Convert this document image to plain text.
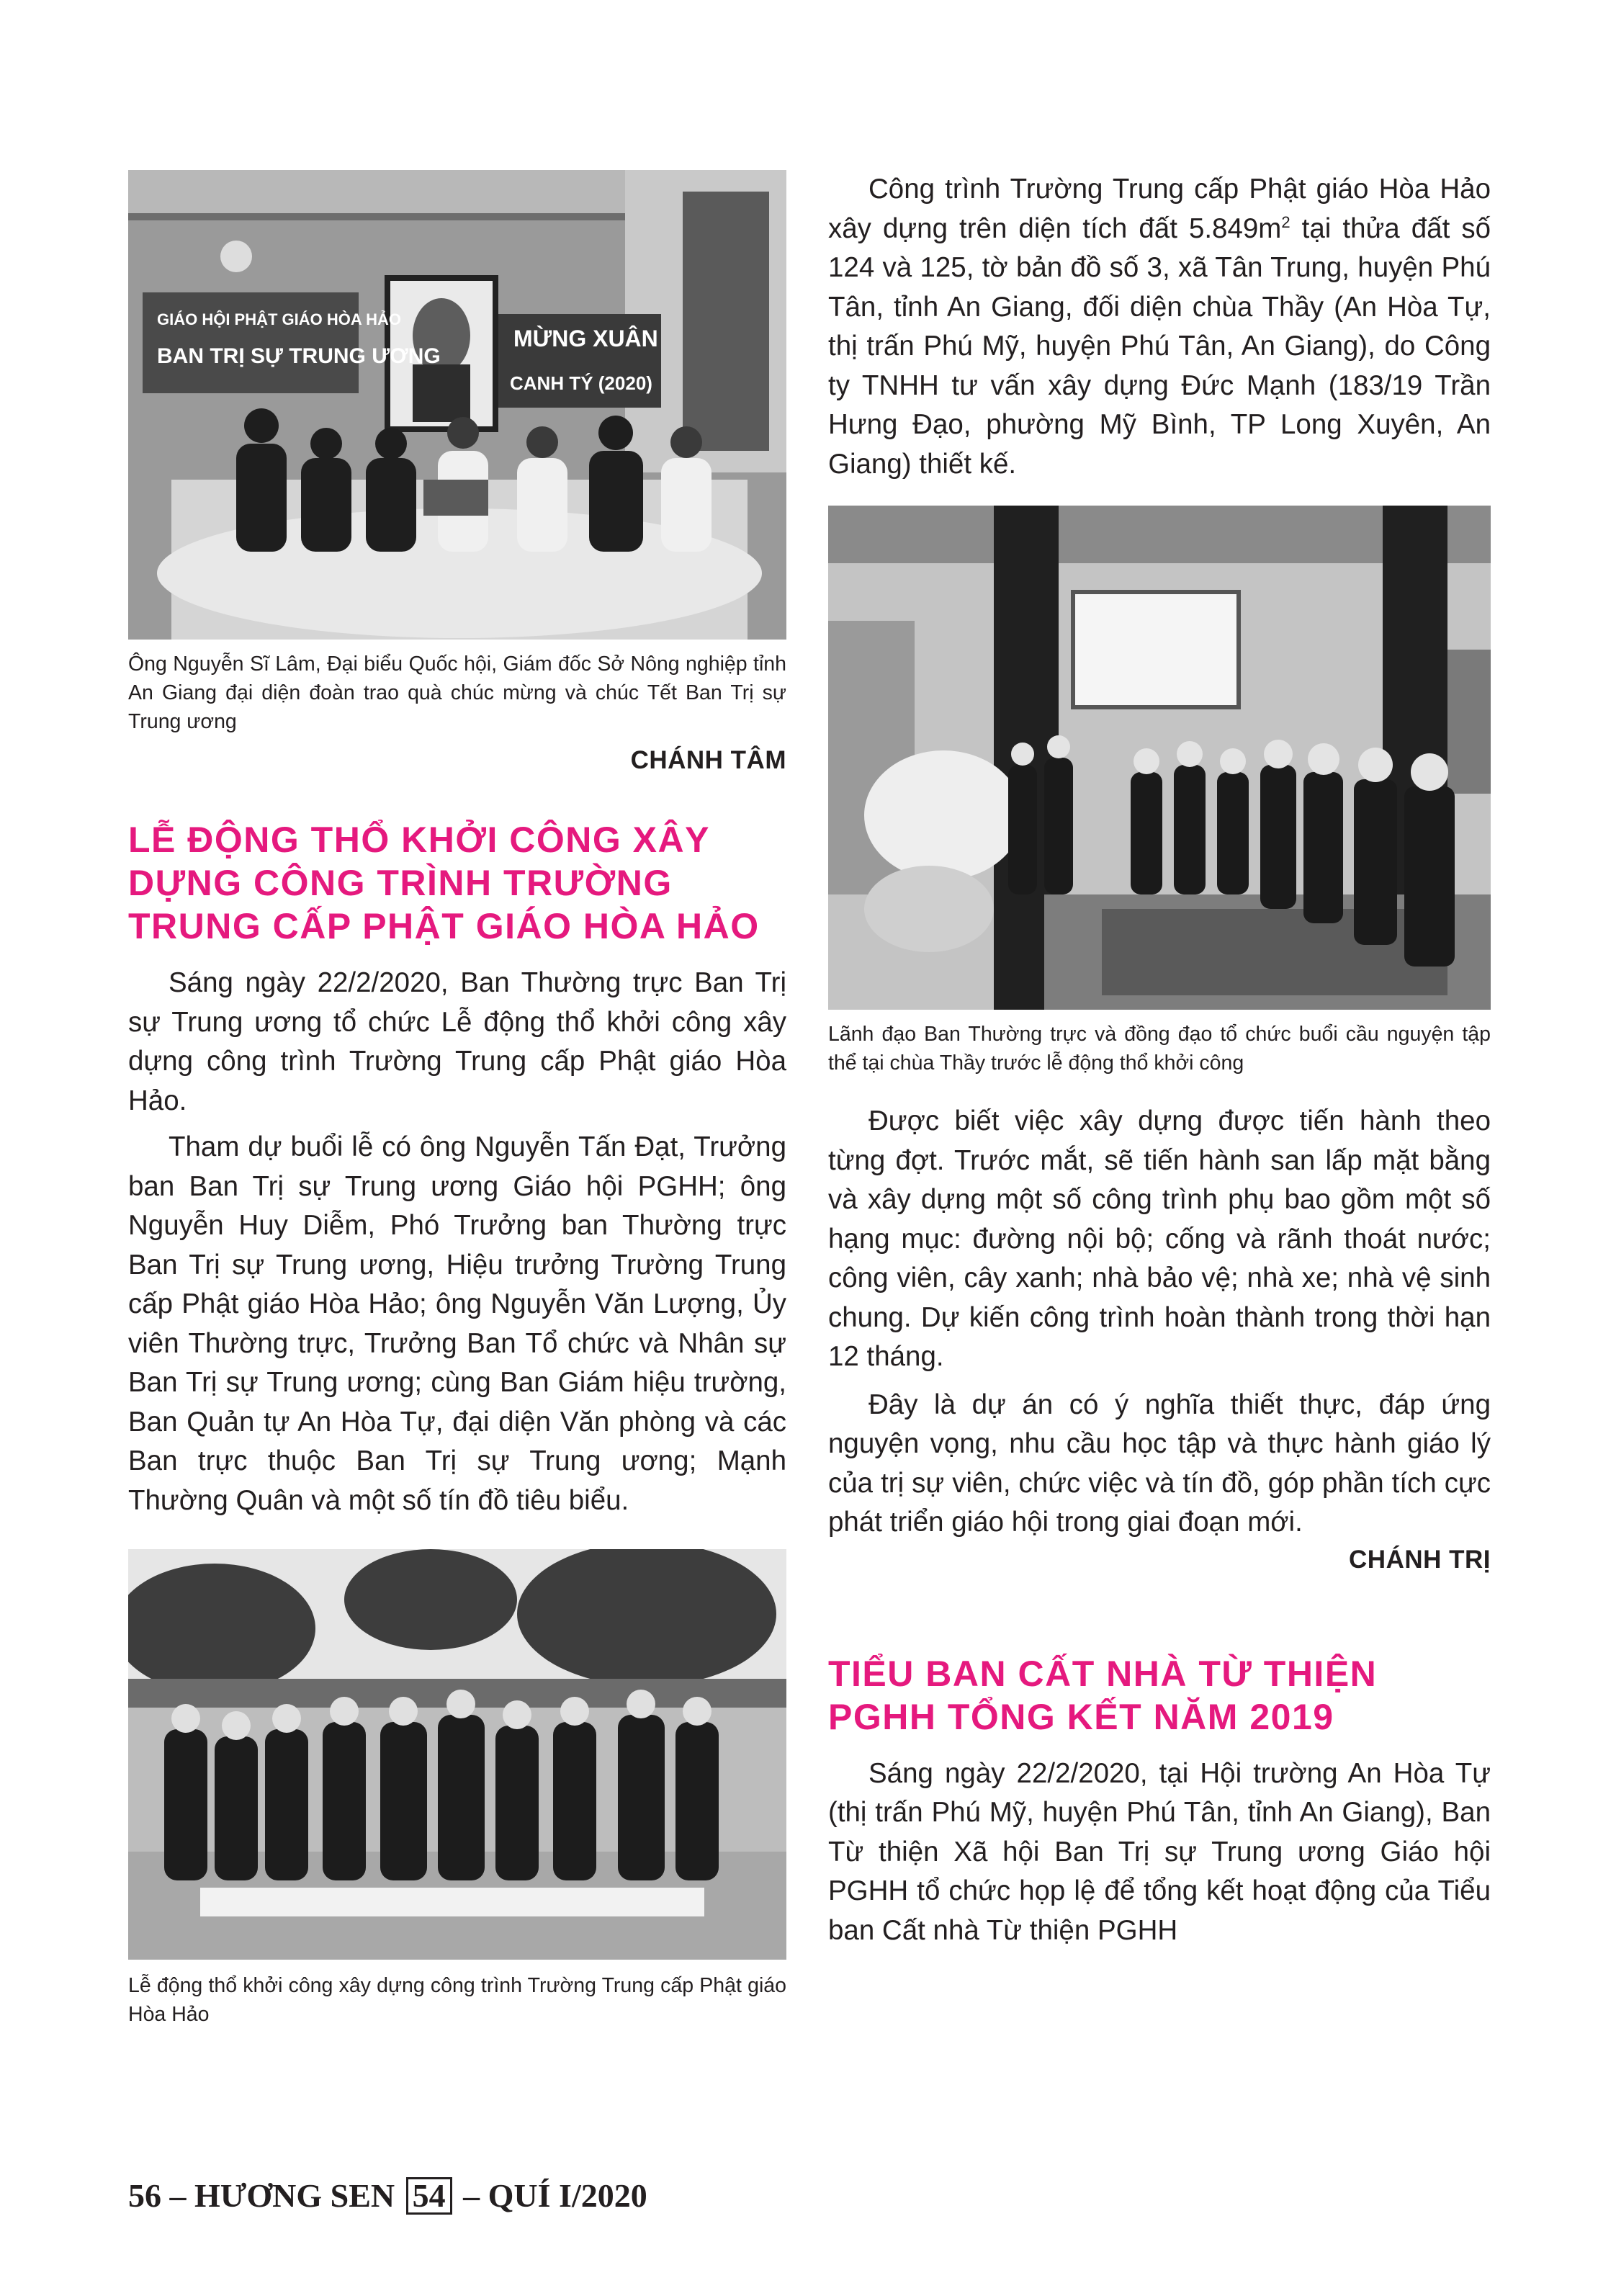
GIÁO HỘI PHẬT GIÁO HÒA HẢO
BAN TRỊ SỰ TRUNG ƯƠNG
MỪNG XUÂN
CANH TÝ (2020)

Ông Nguyễn Sĩ Lâm, Đại biểu Quốc hội, Giám đốc Sở Nông nghiệp tỉnh An Giang đại diện đoàn trao quà chúc mừng và chúc Tết Ban Trị sự Trung ương

CHÁNH TÂM

LỄ ĐỘNG THỔ KHỞI CÔNG XÂY DỰNG CÔNG TRÌNH TRƯỜNG TRUNG CẤP PHẬT GIÁO HÒA HẢO

Sáng ngày 22/2/2020, Ban Thường trực Ban Trị sự Trung ương tổ chức Lễ động thổ khởi công xây dựng công trình Trường Trung cấp Phật giáo Hòa Hảo.

Tham dự buổi lễ có ông Nguyễn Tấn Đạt, Trưởng ban Ban Trị sự Trung ương Giáo hội PGHH; ông Nguyễn Huy Diễm, Phó Trưởng ban Thường trực Ban Trị sự Trung ương, Hiệu trưởng Trường Trung cấp Phật giáo Hòa Hảo; ông Nguyễn Văn Lượng, Ủy viên Thường trực, Trưởng Ban Tổ chức và Nhân sự Ban Trị sự Trung ương; cùng Ban Giám hiệu trường, Ban Quản tự An Hòa Tự, đại diện Văn phòng và các Ban trực thuộc Ban Trị sự Trung ương; Mạnh Thường Quân và một số tín đồ tiêu biểu.

Lễ động thổ khởi công xây dựng công trình Trường Trung cấp Phật giáo Hòa Hảo

Công trình Trường Trung cấp Phật giáo Hòa Hảo xây dựng trên diện tích đất $5.849m^2$ tại thửa đất số 124 và 125, tờ bản đồ số 3, xã Tân Trung, huyện Phú Tân, tỉnh An Giang, đối diện chùa Thầy (An Hòa Tự, thị trấn Phú Mỹ, huyện Phú Tân, An Giang), do Công ty TNHH tư vấn xây dựng Đức Mạnh (183/19 Trần Hưng Đạo, phường Mỹ Bình, TP Long Xuyên, An Giang) thiết kế.

Lãnh đạo Ban Thường trực và đồng đạo tổ chức buổi cầu nguyện tập thể tại chùa Thầy trước lễ động thổ khởi công

Được biết việc xây dựng được tiến hành theo từng đợt. Trước mắt, sẽ tiến hành san lấp mặt bằng và xây dựng một số công trình phụ bao gồm một số hạng mục: đường nội bộ; cống và rãnh thoát nước; công viên, cây xanh; nhà bảo vệ; nhà xe; nhà vệ sinh chung. Dự kiến công trình hoàn thành trong thời hạn 12 tháng.

Đây là dự án có ý nghĩa thiết thực, đáp ứng nguyện vọng, nhu cầu học tập và thực hành giáo lý của trị sự viên, chức việc và tín đồ, góp phần tích cực phát triển giáo hội trong giai đoạn mới.

CHÁNH TRỊ

TIỂU BAN CẤT NHÀ TỪ THIỆN PGHH TỔNG KẾT NĂM 2019

Sáng ngày 22/2/2020, tại Hội trường An Hòa Tự (thị trấn Phú Mỹ, huyện Phú Tân, tỉnh An Giang), Ban Từ thiện Xã hội Ban Trị sự Trung ương Giáo hội PGHH tổ chức họp lệ để tổng kết hoạt động của Tiểu ban Cất nhà Từ thiện PGHH

56 – HƯƠNG SEN 54 – QUÍ I/2020
